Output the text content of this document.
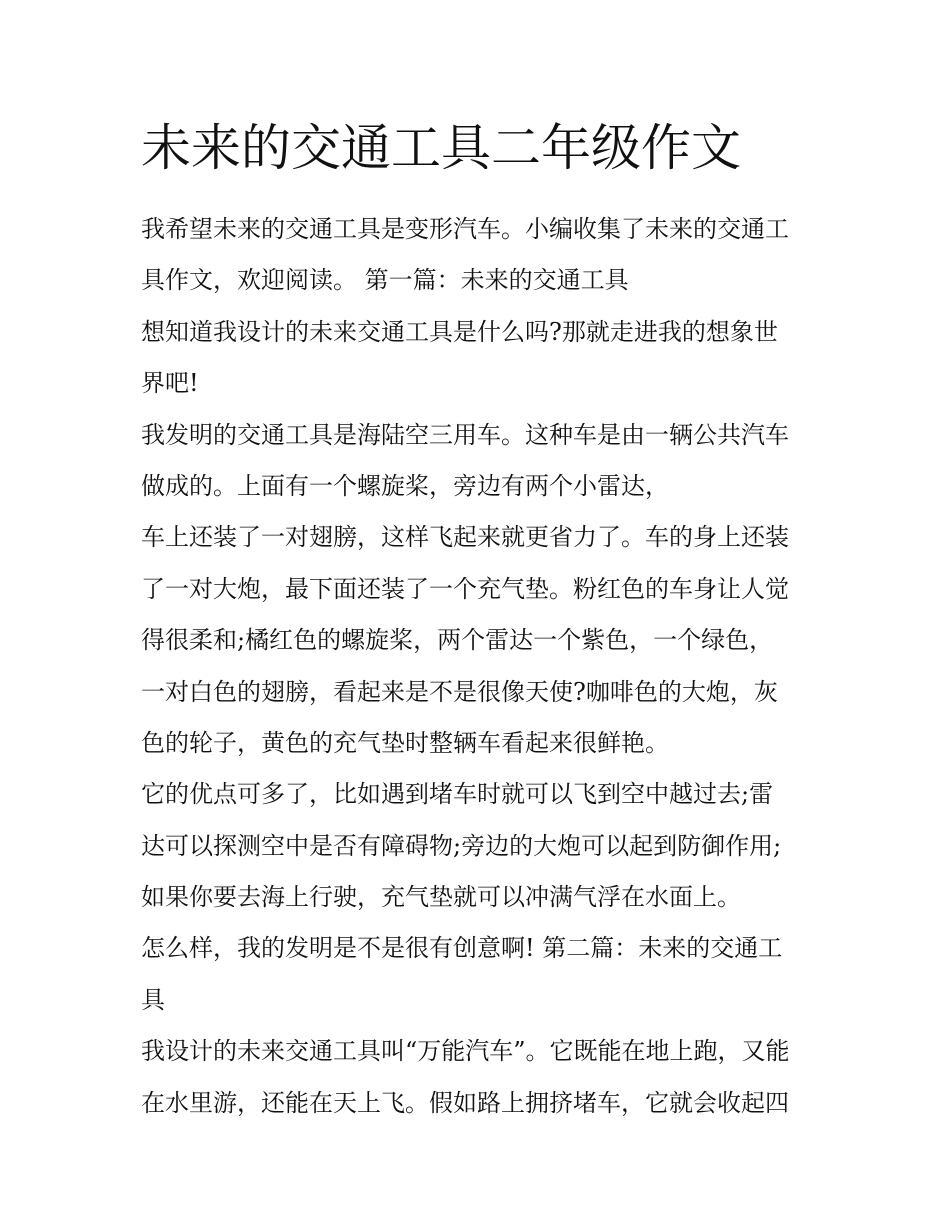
未来的交通工具二年级作文
我希望未来的交通工具是变形汽车。小编收集了未来的交通工
具作文，欢迎阅读。 第一篇：未来的交通工具
想知道我设计的未来交通工具是什么吗?那就走进我的想象世
界吧!
我发明的交通工具是海陆空三用车。这种车是由一辆公共汽车
做成的。上面有一个螺旋桨，旁边有两个小雷达，
车上还装了一对翅膀，这样飞起来就更省力了。车的身上还装
了一对大炮，最下面还装了一个充气垫。粉红色的车身让人觉
得很柔和;橘红色的螺旋桨，两个雷达一个紫色，一个绿色，
一对白色的翅膀，看起来是不是很像天使?咖啡色的大炮，灰
色的轮子，黄色的充气垫时整辆车看起来很鲜艳。
它的优点可多了，比如遇到堵车时就可以飞到空中越过去;雷
达可以探测空中是否有障碍物;旁边的大炮可以起到防御作用;
如果你要去海上行驶，充气垫就可以冲满气浮在水面上。
怎么样，我的发明是不是很有创意啊! 第二篇：未来的交通工
具
我设计的未来交通工具叫“万能汽车”。它既能在地上跑，又能
在水里游，还能在天上飞。假如路上拥挤堵车，它就会收起四
